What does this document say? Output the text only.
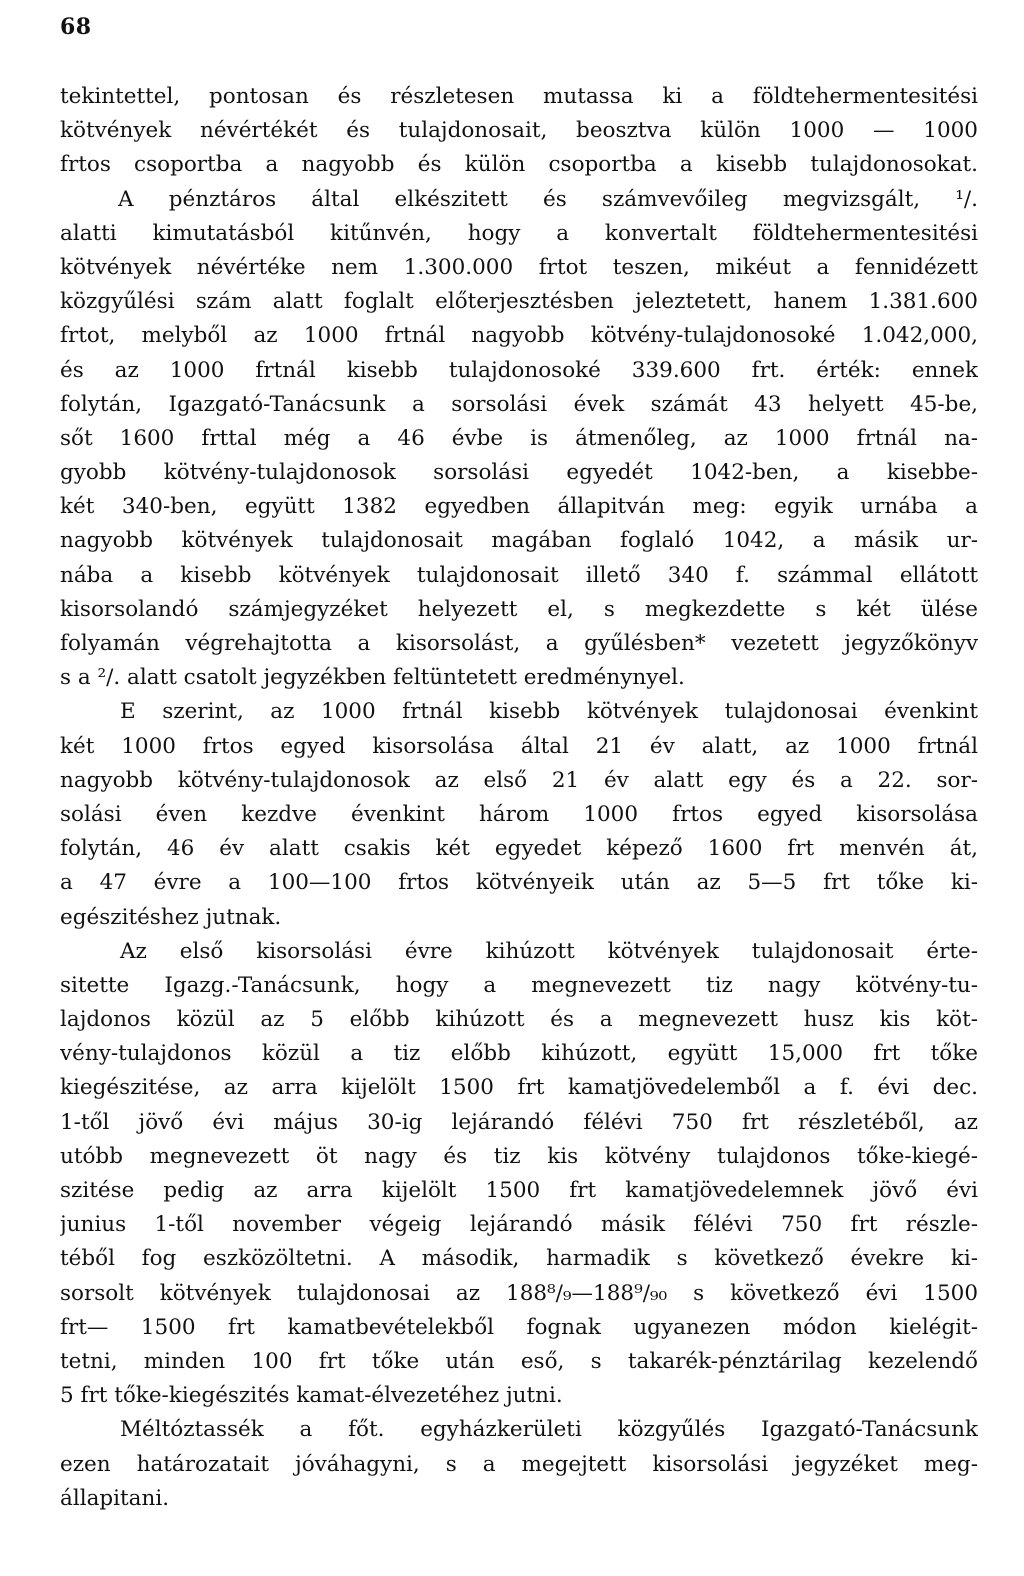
68
tekintettel, pontosan és részletesen mutassa ki a földtehermentesitési
kötvények névértékét és tulajdonosait, beosztva külön 1000 — 1000
frtos csoportba a nagyobb és külön csoportba a kisebb tulajdonosokat.
A pénztáros által elkészitett és számvevőileg megvizsgált, ¹/.
alatti kimutatásból kitűnvén, hogy a konvertalt földtehermentesitési
kötvények névértéke nem 1.300.000 frtot teszen, mikéut a fennidézett
közgyűlési szám alatt foglalt előterjesztésben jeleztetett, hanem 1.381.600
frtot, melyből az 1000 frtnál nagyobb kötvény-tulajdonosoké 1.042,000,
és az 1000 frtnál kisebb tulajdonosoké 339.600 frt. érték: ennek
folytán, Igazgató-Tanácsunk a sorsolási évek számát 43 helyett 45-be,
sőt 1600 frttal még a 46 évbe is átmenőleg, az 1000 frtnál na-
gyobb kötvény-tulajdonosok sorsolási egyedét 1042-ben, a kisebbe-
két 340-ben, együtt 1382 egyedben állapitván meg: egyik urnába a
nagyobb kötvények tulajdonosait magában foglaló 1042, a másik ur-
nába a kisebb kötvények tulajdonosait illető 340 f. számmal ellátott
kisorsolandó számjegyzéket helyezett el, s megkezdette s két ülése
folyamán végrehajtotta a kisorsolást, a gyűlésben* vezetett jegyzőkönyv
s a ²/. alatt csatolt jegyzékben feltüntetett eredménynyel.
E szerint, az 1000 frtnál kisebb kötvények tulajdonosai évenkint
két 1000 frtos egyed kisorsolása által 21 év alatt, az 1000 frtnál
nagyobb kötvény-tulajdonosok az első 21 év alatt egy és a 22. sor-
solási éven kezdve évenkint három 1000 frtos egyed kisorsolása
folytán, 46 év alatt csakis két egyedet képező 1600 frt menvén át,
a 47 évre a 100—100 frtos kötvényeik után az 5—5 frt tőke ki-
egészitéshez jutnak.
Az első kisorsolási évre kihúzott kötvények tulajdonosait érte-
sitette Igazg.-Tanácsunk, hogy a megnevezett tiz nagy kötvény-tu-
lajdonos közül az 5 előbb kihúzott és a megnevezett husz kis köt-
vény-tulajdonos közül a tiz előbb kihúzott, együtt 15,000 frt tőke
kiegészitése, az arra kijelölt 1500 frt kamatjövedelemből a f. évi dec.
1-től jövő évi május 30-ig lejárandó félévi 750 frt részletéből, az
utóbb megnevezett öt nagy és tiz kis kötvény tulajdonos tőke-kiegé-
szitése pedig az arra kijelölt 1500 frt kamatjövedelemnek jövő évi
junius 1-től november végeig lejárandó másik félévi 750 frt részle-
téből fog eszközöltetni. A második, harmadik s következő évekre ki-
sorsolt kötvények tulajdonosai az 188⁸/₉—188⁹/₉₀ s következő évi 1500
frt— 1500 frt kamatbevételekből fognak ugyanezen módon kielégit-
tetni, minden 100 frt tőke után eső, s takarék-pénztárilag kezelendő
5 frt tőke-kiegészités kamat-élvezetéhez jutni.
Méltóztassék a főt. egyházkerületi közgyűlés Igazgató-Tanácsunk
ezen határozatait jóváhagyni, s a megejtett kisorsolási jegyzéket meg-
állapitani.
